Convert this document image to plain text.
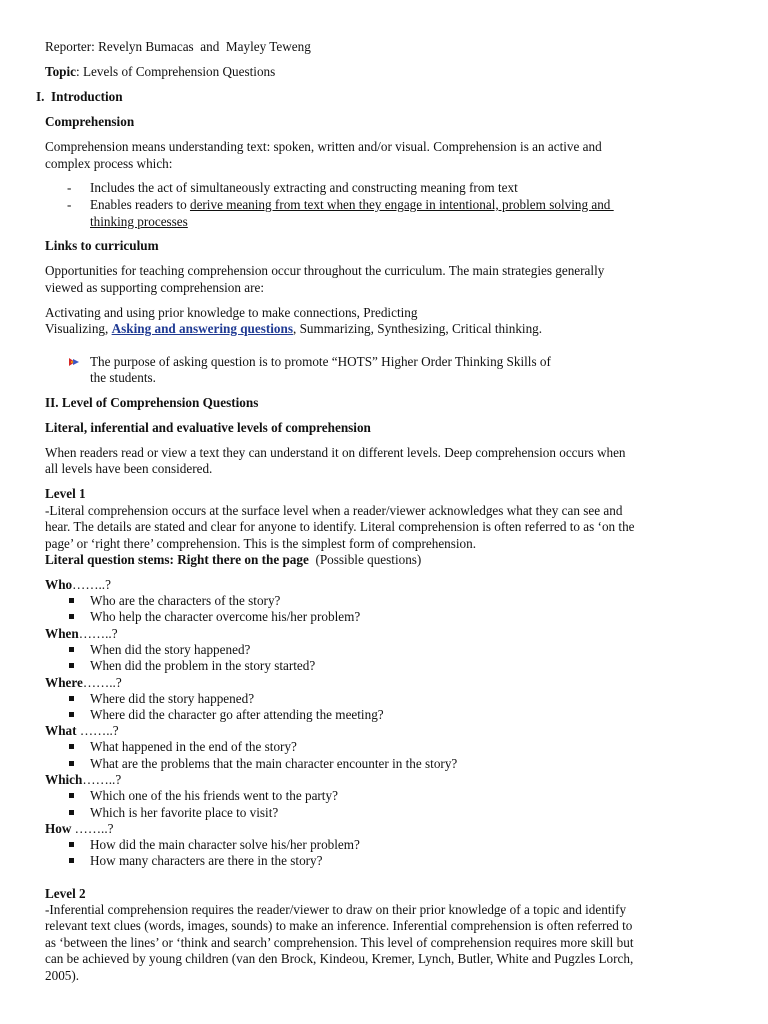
Reporter: Revelyn Bumacas  and  Mayley Teweng
Topic: Levels of Comprehension Questions
I.  Introduction
Comprehension
Comprehension means understanding text: spoken, written and/or visual. Comprehension is an active and
complex process which:
- Includes the act of simultaneously extracting and constructing meaning from text
- Enables readers to derive meaning from text when they engage in intentional, problem solving and
thinking processes
Links to curriculum
Opportunities for teaching comprehension occur throughout the curriculum. The main strategies generally
viewed as supporting comprehension are:
Activating and using prior knowledge to make connections, Predicting
Visualizing, Asking and answering questions, Summarizing, Synthesizing, Critical thinking.
The purpose of asking question is to promote “HOTS” Higher Order Thinking Skills of
the students.
II. Level of Comprehension Questions
Literal, inferential and evaluative levels of comprehension
When readers read or view a text they can understand it on different levels. Deep comprehension occurs when
all levels have been considered.
Level 1
-Literal comprehension occurs at the surface level when a reader/viewer acknowledges what they can see and
hear. The details are stated and clear for anyone to identify. Literal comprehension is often referred to as ‘on the
page’ or ‘right there’ comprehension. This is the simplest form of comprehension.
Literal question stems: Right there on the page  (Possible questions)
Who……..?
Who are the characters of the story?
Who help the character overcome his/her problem?
When……..?
When did the story happened?
When did the problem in the story started?
Where……..?
Where did the story happened?
Where did the character go after attending the meeting?
What ……..?
What happened in the end of the story?
What are the problems that the main character encounter in the story?
Which……..?
Which one of the his friends went to the party?
Which is her favorite place to visit?
How ……..?
How did the main character solve his/her problem?
How many characters are there in the story?
Level 2
-Inferential comprehension requires the reader/viewer to draw on their prior knowledge of a topic and identify
relevant text clues (words, images, sounds) to make an inference. Inferential comprehension is often referred to
as ‘between the lines’ or ‘think and search’ comprehension. This level of comprehension requires more skill but
can be achieved by young children (van den Brock, Kindeou, Kremer, Lynch, Butler, White and Pugzles Lorch,
2005).
